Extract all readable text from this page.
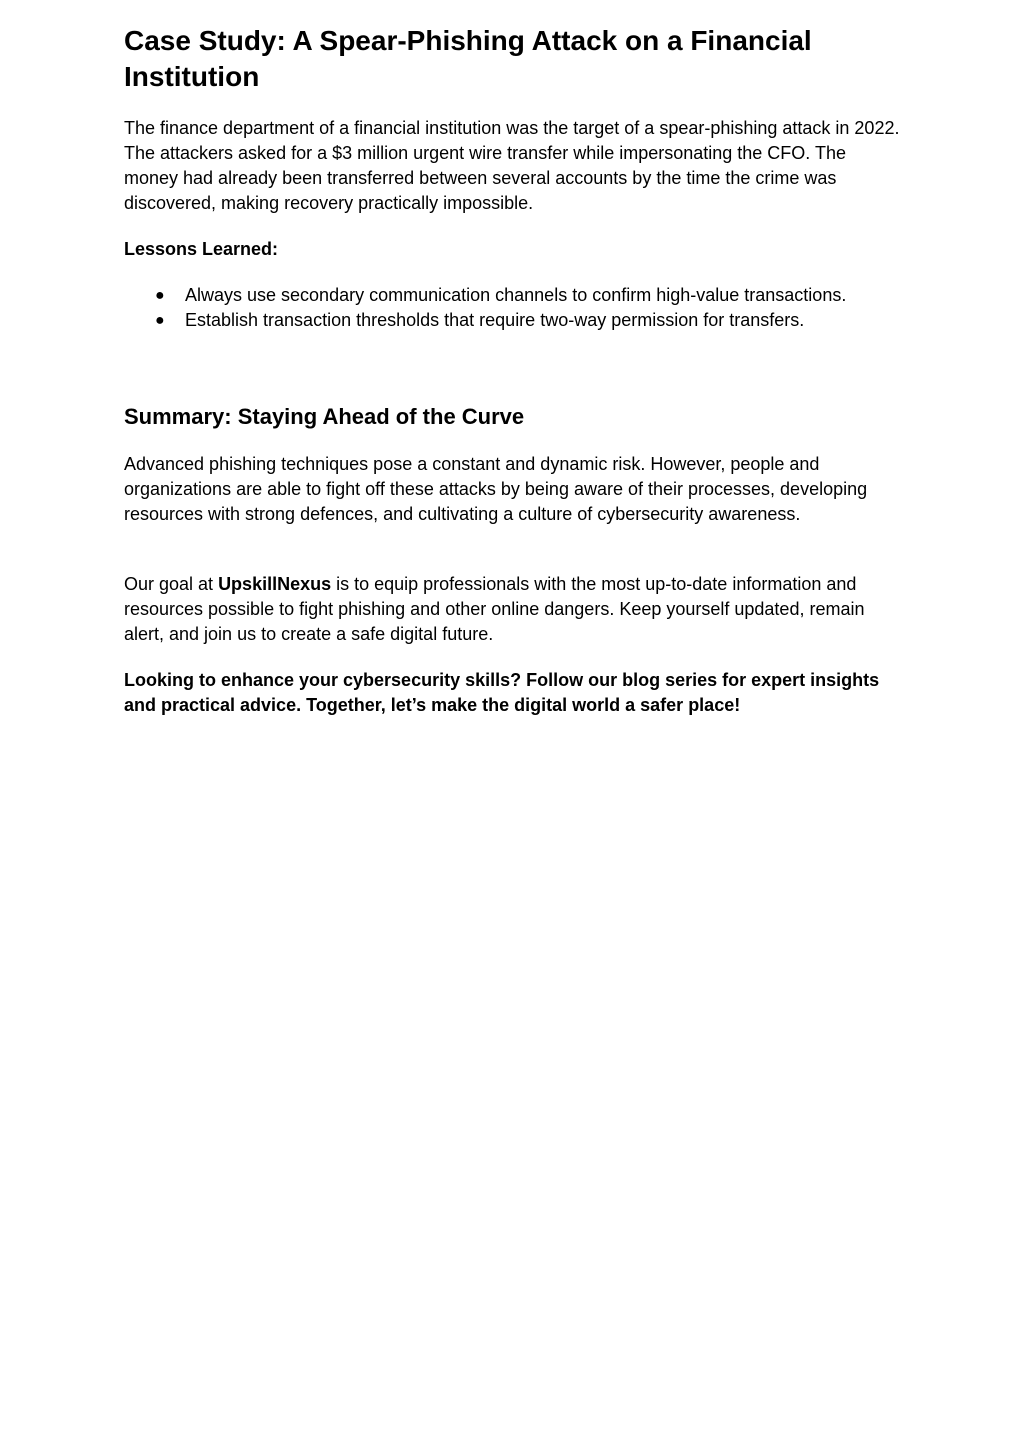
Case Study: A Spear-Phishing Attack on a Financial Institution

The finance department of a financial institution was the target of a spear-phishing attack in 2022. The attackers asked for a $3 million urgent wire transfer while impersonating the CFO. The money had already been transferred between several accounts by the time the crime was discovered, making recovery practically impossible.

Lessons Learned:

● Always use secondary communication channels to confirm high-value transactions.
● Establish transaction thresholds that require two-way permission for transfers.
Summary: Staying Ahead of the Curve

Advanced phishing techniques pose a constant and dynamic risk. However, people and organizations are able to fight off these attacks by being aware of their processes, developing resources with strong defences, and cultivating a culture of cybersecurity awareness.

Our goal at UpskillNexus is to equip professionals with the most up-to-date information and resources possible to fight phishing and other online dangers. Keep yourself updated, remain alert, and join us to create a safe digital future.

Looking to enhance your cybersecurity skills? Follow our blog series for expert insights and practical advice. Together, let’s make the digital world a safer place!
